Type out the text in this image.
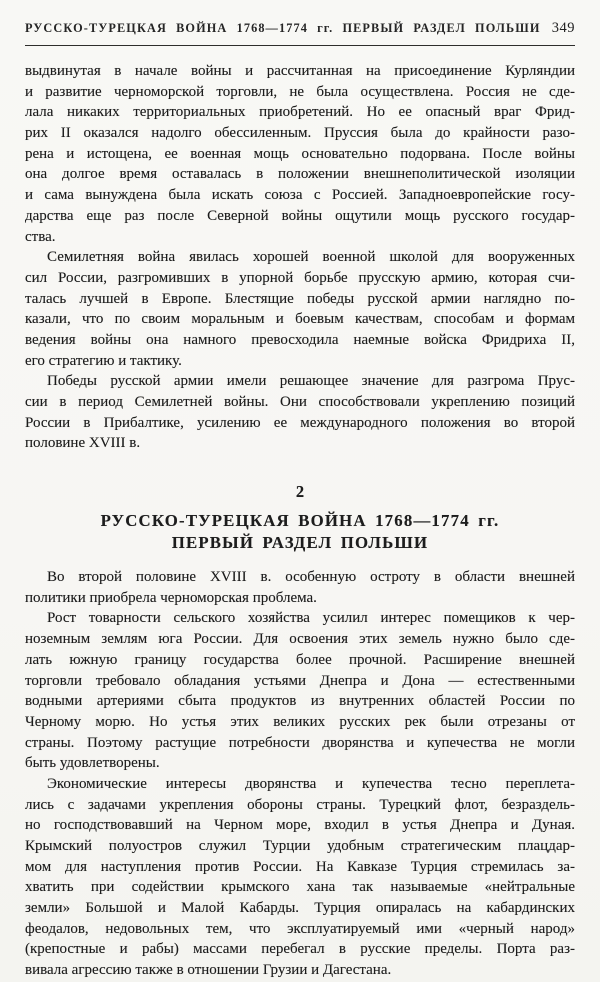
РУССКО-ТУРЕЦКАЯ ВОЙНА 1768—1774 гг. ПЕРВЫЙ РАЗДЕЛ ПОЛЬШИ 349
выдвинутая в начале войны и рассчитанная на присоединение Курляндии
и развитие черноморской торговли, не была осуществлена. Россия не сде-
лала никаких территориальных приобретений. Но ее опасный враг Фрид-
рих II оказался надолго обессиленным. Пруссия была до крайности разо-
рена и истощена, ее военная мощь основательно подорвана. После войны
она долгое время оставалась в положении внешнеполитической изоляции
и сама вынуждена была искать союза с Россией. Западноевропейские госу-
дарства еще раз после Северной войны ощутили мощь русского государ-
ства.
Семилетняя война явилась хорошей военной школой для вооруженных
сил России, разгромивших в упорной борьбе прусскую армию, которая счи-
талась лучшей в Европе. Блестящие победы русской армии наглядно по-
казали, что по своим моральным и боевым качествам, способам и формам
ведения войны она намного превосходила наемные войска Фридриха II,
его стратегию и тактику.
Победы русской армии имели решающее значение для разгрома Прус-
сии в период Семилетней войны. Они способствовали укреплению позиций
России в Прибалтике, усилению ее международного положения во второй
половине XVIII в.
2
РУССКО-ТУРЕЦКАЯ ВОЙНА 1768—1774 гг.
ПЕРВЫЙ РАЗДЕЛ ПОЛЬШИ
Во второй половине XVIII в. особенную остроту в области внешней
политики приобрела черноморская проблема.
Рост товарности сельского хозяйства усилил интерес помещиков к чер-
ноземным землям юга России. Для освоения этих земель нужно было сде-
лать южную границу государства более прочной. Расширение внешней
торговли требовало обладания устьями Днепра и Дона — естественными
водными артериями сбыта продуктов из внутренних областей России по
Черному морю. Но устья этих великих русских рек были отрезаны от
страны. Поэтому растущие потребности дворянства и купечества не могли
быть удовлетворены.
Экономические интересы дворянства и купечества тесно переплета-
лись с задачами укрепления обороны страны. Турецкий флот, безраздель-
но господствовавший на Черном море, входил в устья Днепра и Дуная.
Крымский полуостров служил Турции удобным стратегическим плацдар-
мом для наступления против России. На Кавказе Турция стремилась за-
хватить при содействии крымского хана так называемые «нейтральные
земли» Большой и Малой Кабарды. Турция опиралась на кабардинских
феодалов, недовольных тем, что эксплуатируемый ими «черный народ»
(крепостные и рабы) массами перебегал в русские пределы. Порта раз-
вивала агрессию также в отношении Грузии и Дагестана.
